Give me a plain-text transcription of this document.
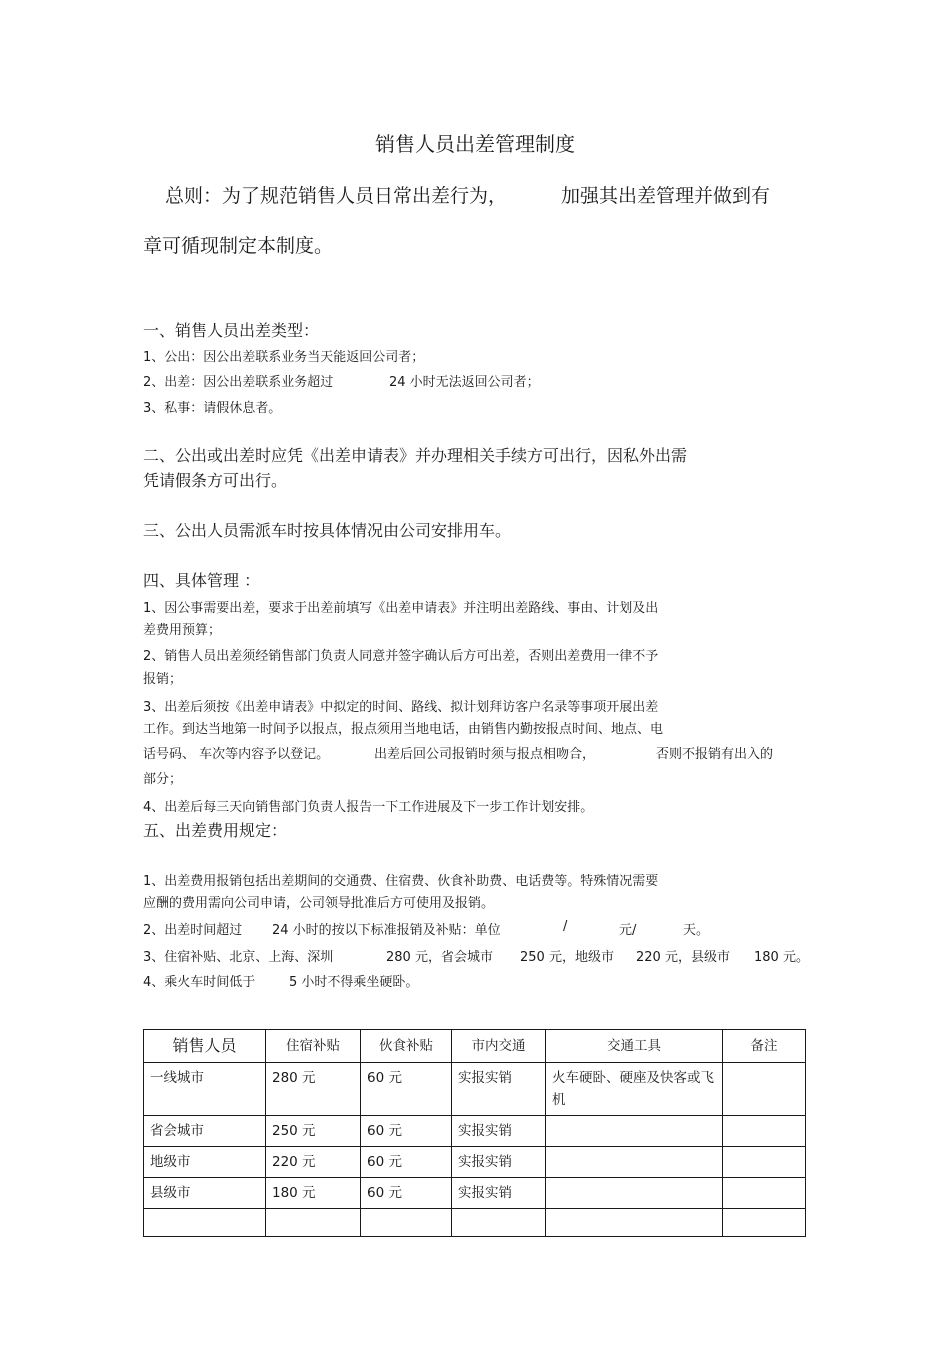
销售人员出差管理制度
总则：为了规范销售人员日常出差行为，	加强其出差管理并做到有
章可循现制定本制度。
一、销售人员出差类型：
1、公出：因公出差联系业务当天能返回公司者；
2、出差：因公出差联系业务超过	24 小时无法返回公司者；
3、私事：请假休息者。
二、公出或出差时应凭《出差申请表》并办理相关手续方可出行，因私外出需
凭请假条方可出行。
三、公出人员需派车时按具体情况由公司安排用车。
四、具体管理 ：
1、因公事需要出差，要求于出差前填写《出差申请表》并注明出差路线、事由、计划及出
差费用预算；
2、销售人员出差须经销售部门负责人同意并签字确认后方可出差，否则出差费用一律不予
报销；
3、出差后须按《出差申请表》中拟定的时间、路线、拟计划拜访客户名录等事项开展出差
工作。到达当地第一时间予以报点，报点须用当地电话，由销售内勤按报点时间、地点、电
话号码、 车次等内容予以登记。	出差后回公司报销时须与报点相吻合，	否则不报销有出入的
部分；
4、出差后每三天向销售部门负责人报告一下工作进展及下一步工作计划安排。
五、出差费用规定：
1、出差费用报销包括出差期间的交通费、住宿费、伙食补助费、电话费等。特殊情况需要
应酬的费用需向公司申请，公司领导批准后方可使用及报销。
2、出差时间超过 24 小时的按以下标准报销及补贴：单位	/	元/	天。
3、住宿补贴、北京、上海、深圳	280 元，省会城市 250 元，地级市 220 元，县级市 180 元。
4、乘火车时间低于	5 小时不得乘坐硬卧。
销售人员	住宿补贴	伙食补贴	市内交通	交通工具	备注
一线城市	280 元	60 元	实报实销	火车硬卧、硬座及快客或飞机	
省会城市	250 元	60 元	实报实销		
地级市	220 元	60 元	实报实销		
县级市	180 元	60 元	实报实销		
